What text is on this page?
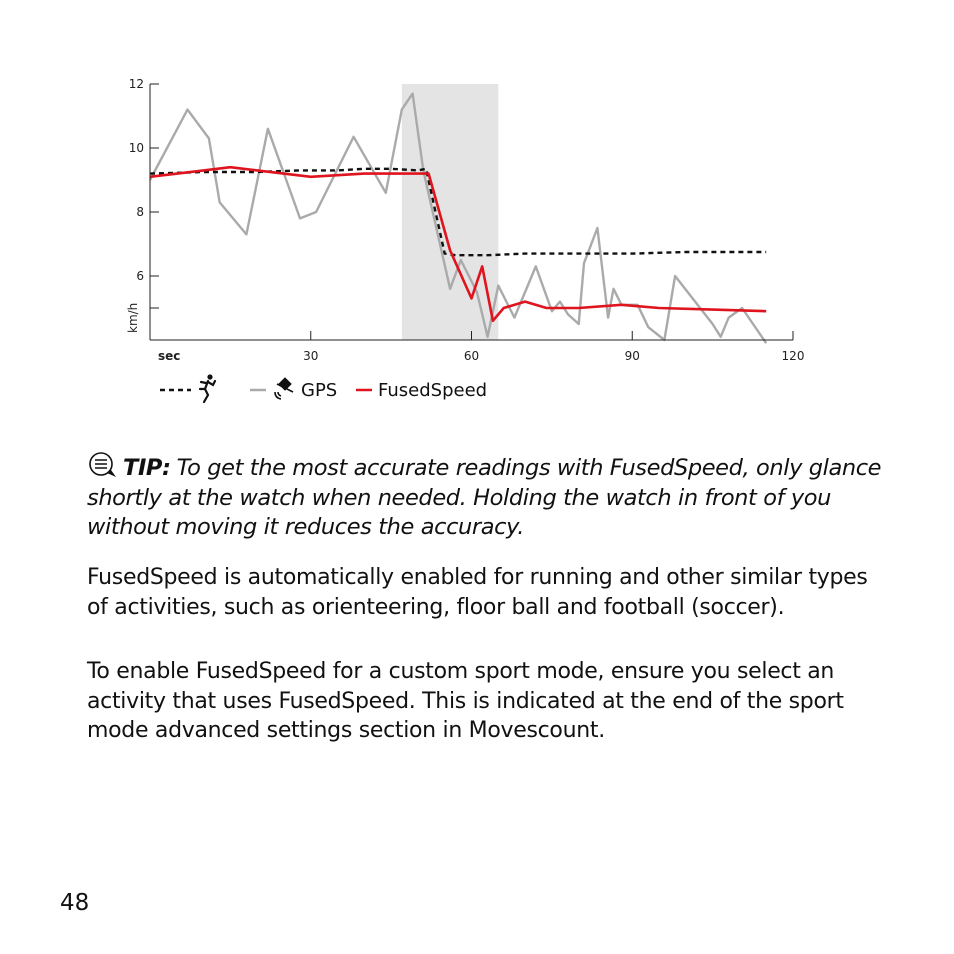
6
8
10
12
30	60	90	120
sec
km/h
GPS FusedSpeed
TIP: To get the most accurate readings with FusedSpeed, only glance shortly at the watch when needed. Holding the watch in front of you without moving it reduces the accuracy.

FusedSpeed is automatically enabled for running and other similar types of activities, such as orienteering, floor ball and football (soccer).

To enable FusedSpeed for a custom sport mode, ensure you select an activity that uses FusedSpeed. This is indicated at the end of the sport mode advanced settings section in Movescount.

48
